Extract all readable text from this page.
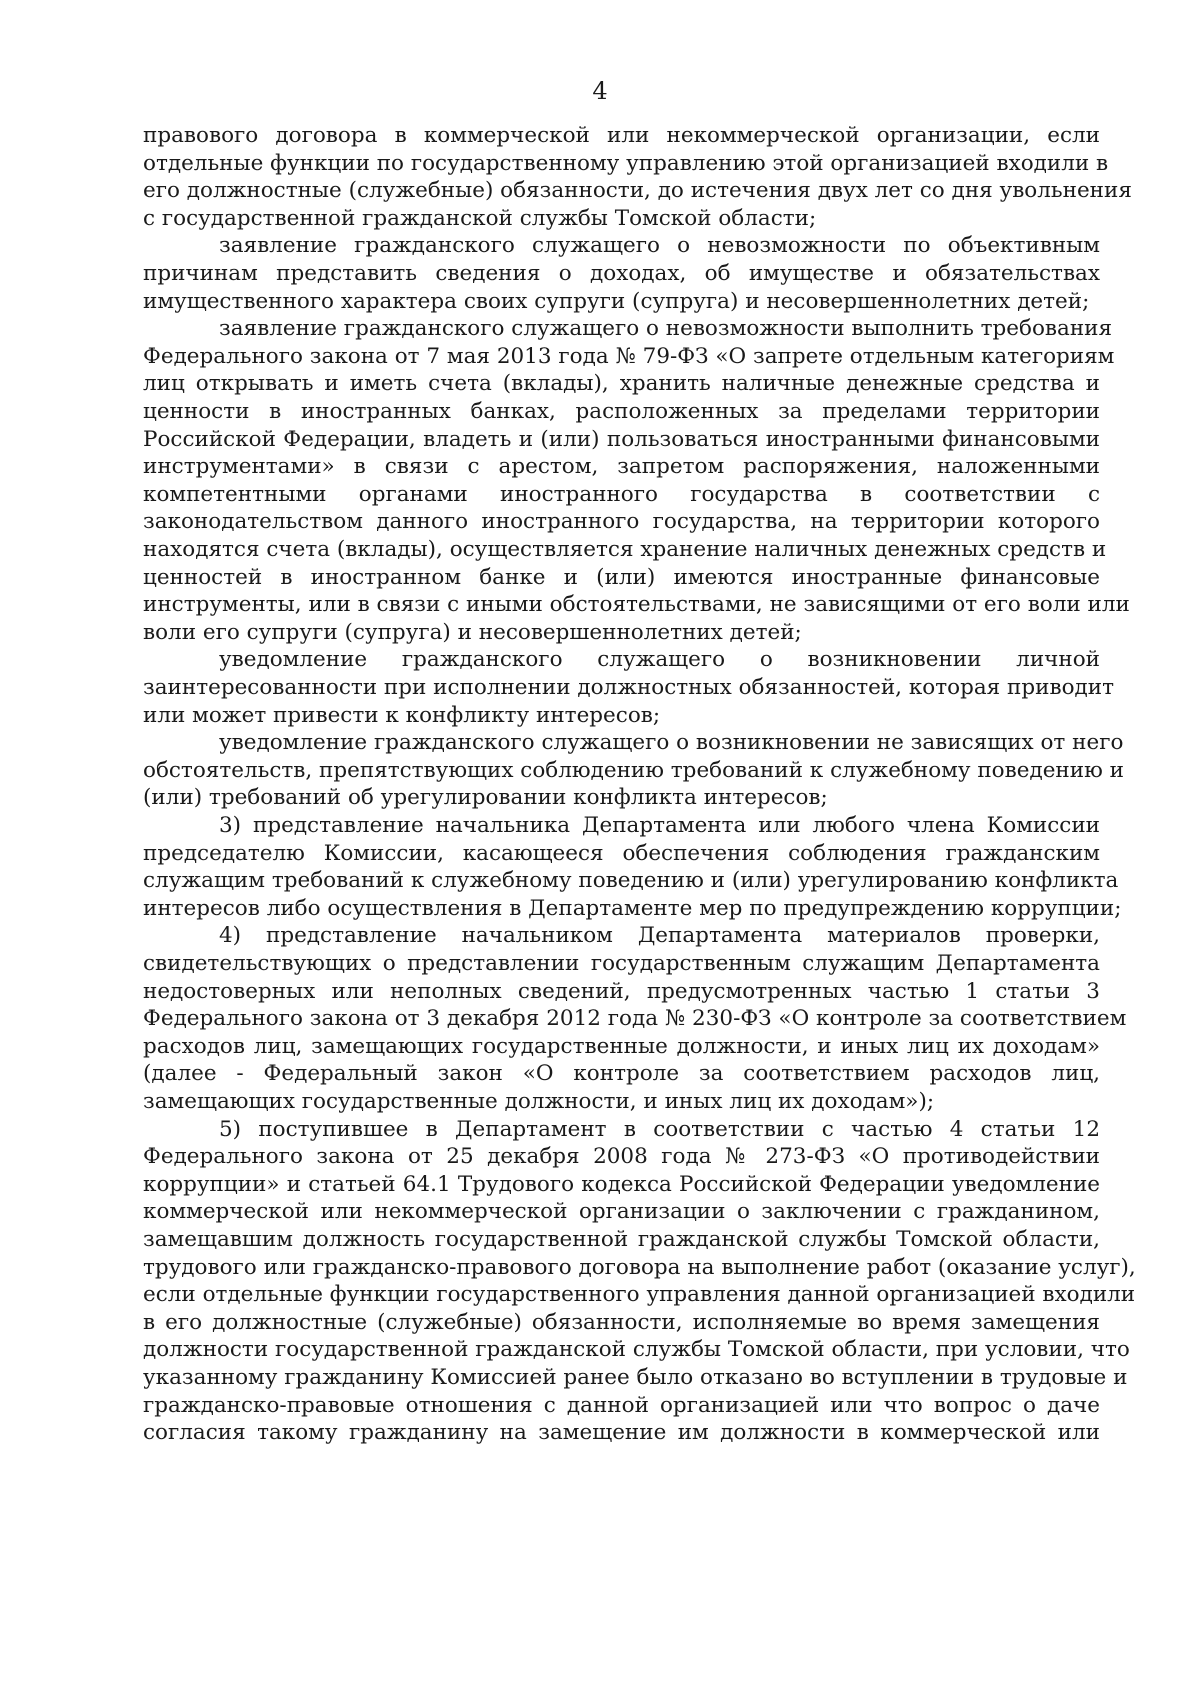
4
правового договора в коммерческой или некоммерческой организации, если
отдельные функции по государственному управлению этой организацией входили в
его должностные (служебные) обязанности, до истечения двух лет со дня увольнения
с государственной гражданской службы Томской области;
заявление гражданского служащего о невозможности по объективным
причинам представить сведения о доходах, об имуществе и обязательствах
имущественного характера своих супруги (супруга) и несовершеннолетних детей;
заявление гражданского служащего о невозможности выполнить требования
Федерального закона от 7 мая 2013 года № 79-ФЗ «О запрете отдельным категориям
лиц открывать и иметь счета (вклады), хранить наличные денежные средства и
ценности в иностранных банках, расположенных за пределами территории
Российской Федерации, владеть и (или) пользоваться иностранными финансовыми
инструментами» в связи с арестом, запретом распоряжения, наложенными
компетентными органами иностранного государства в соответствии с
законодательством данного иностранного государства, на территории которого
находятся счета (вклады), осуществляется хранение наличных денежных средств и
ценностей в иностранном банке и (или) имеются иностранные финансовые
инструменты, или в связи с иными обстоятельствами, не зависящими от его воли или
воли его супруги (супруга) и несовершеннолетних детей;
уведомление гражданского служащего о возникновении личной
заинтересованности при исполнении должностных обязанностей, которая приводит
или может привести к конфликту интересов;
уведомление гражданского служащего о возникновении не зависящих от него
обстоятельств, препятствующих соблюдению требований к служебному поведению и
(или) требований об урегулировании конфликта интересов;
3) представление начальника Департамента или любого члена Комиссии
председателю Комиссии, касающееся обеспечения соблюдения гражданским
служащим требований к служебному поведению и (или) урегулированию конфликта
интересов либо осуществления в Департаменте мер по предупреждению коррупции;
4) представление начальником Департамента материалов проверки,
свидетельствующих о представлении государственным служащим Департамента
недостоверных или неполных сведений, предусмотренных частью 1 статьи 3
Федерального закона от 3 декабря 2012 года № 230-ФЗ «О контроле за соответствием
расходов лиц, замещающих государственные должности, и иных лиц их доходам»
(далее - Федеральный закон «О контроле за соответствием расходов лиц,
замещающих государственные должности, и иных лиц их доходам»);
5) поступившее в Департамент в соответствии с частью 4 статьи 12
Федерального закона от 25 декабря 2008 года № 273-ФЗ «О противодействии
коррупции» и статьей 64.1 Трудового кодекса Российской Федерации уведомление
коммерческой или некоммерческой организации о заключении с гражданином,
замещавшим должность государственной гражданской службы Томской области,
трудового или гражданско-правового договора на выполнение работ (оказание услуг),
если отдельные функции государственного управления данной организацией входили
в его должностные (служебные) обязанности, исполняемые во время замещения
должности государственной гражданской службы Томской области, при условии, что
указанному гражданину Комиссией ранее было отказано во вступлении в трудовые и
гражданско-правовые отношения с данной организацией или что вопрос о даче
согласия такому гражданину на замещение им должности в коммерческой или
